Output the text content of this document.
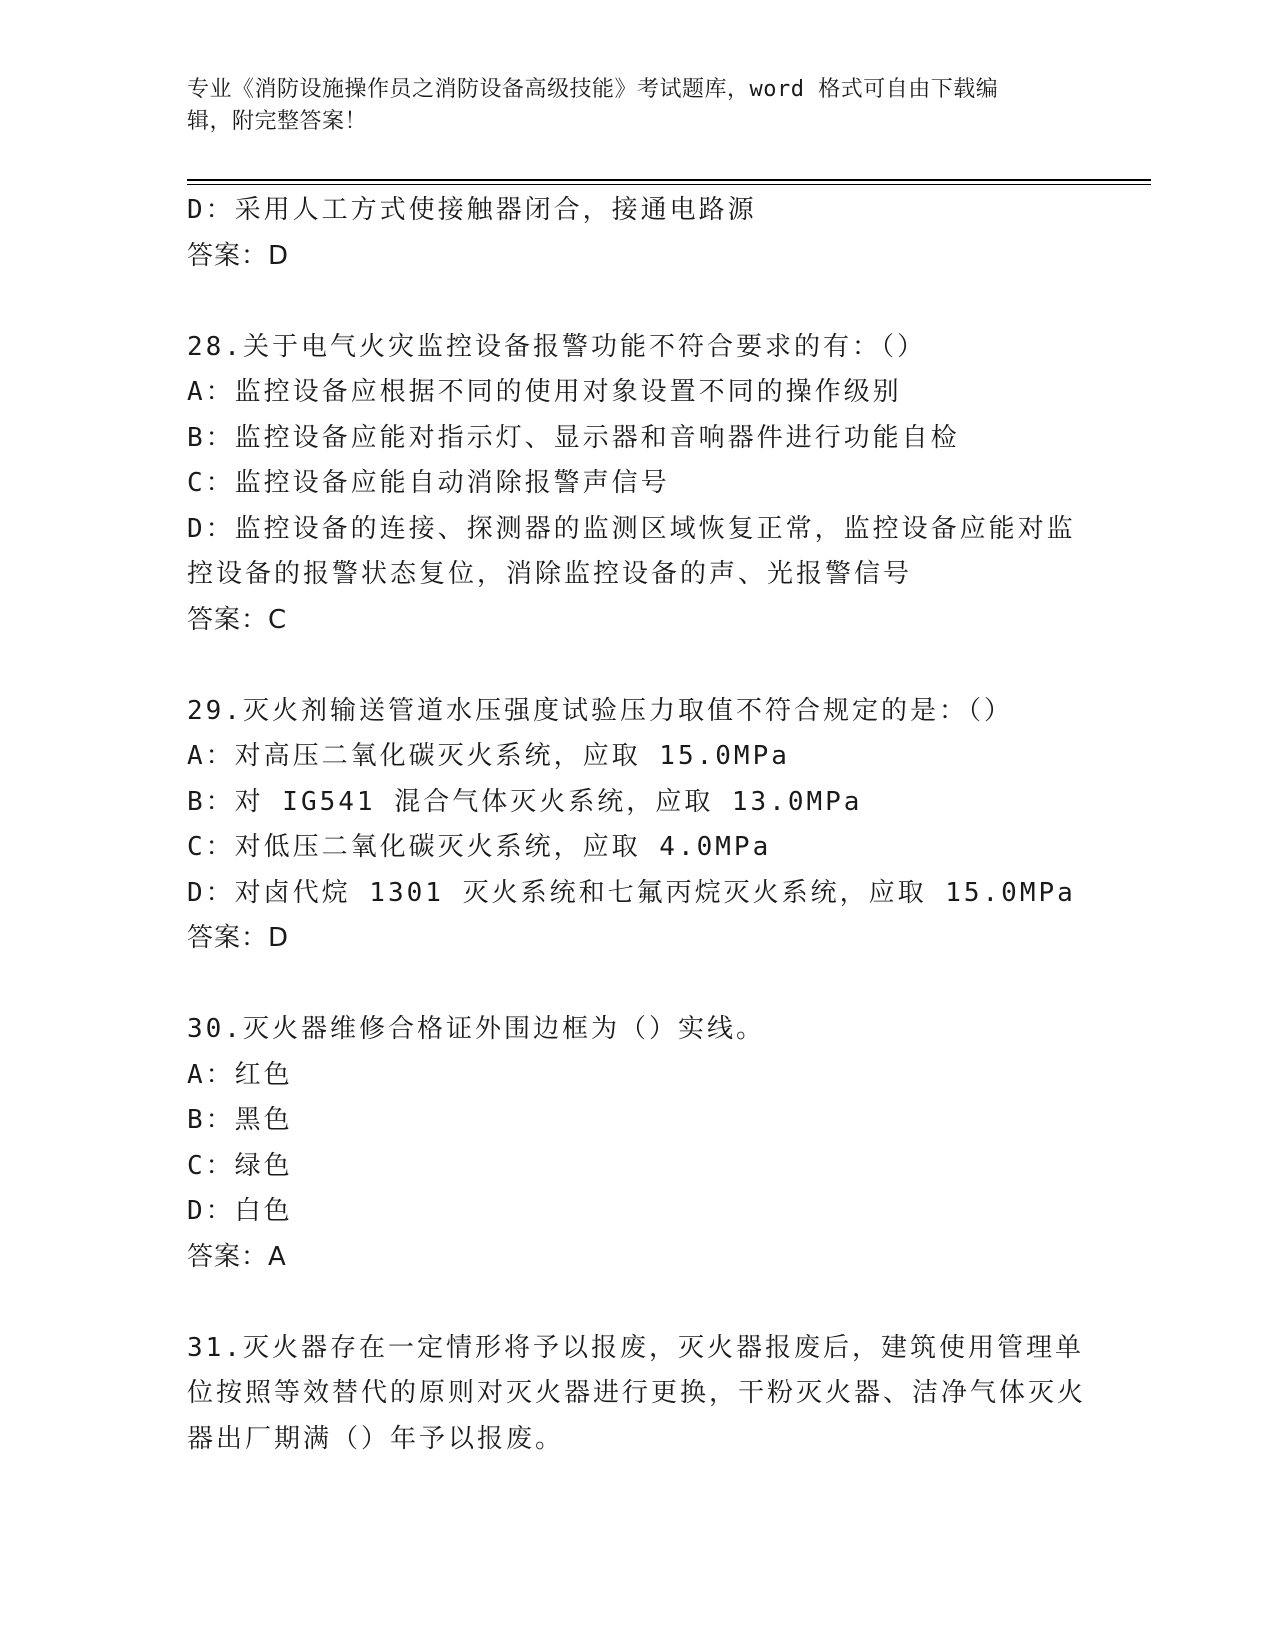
专业《消防设施操作员之消防设备高级技能》考试题库，word 格式可自由下载编
辑，附完整答案！
D：采用人工方式使接触器闭合，接通电路源
答案：D
28.关于电气火灾监控设备报警功能不符合要求的有：（）
A：监控设备应根据不同的使用对象设置不同的操作级别
B：监控设备应能对指示灯、显示器和音响器件进行功能自检
C：监控设备应能自动消除报警声信号
D：监控设备的连接、探测器的监测区域恢复正常，监控设备应能对监控设备的报警状态复位，消除监控设备的声、光报警信号
答案：C
29.灭火剂输送管道水压强度试验压力取值不符合规定的是：（）
A：对高压二氧化碳灭火系统，应取 15.0MPa
B：对 IG541 混合气体灭火系统，应取 13.0MPa
C：对低压二氧化碳灭火系统，应取 4.0MPa
D：对卤代烷 1301 灭火系统和七氟丙烷灭火系统，应取 15.0MPa
答案：D
30.灭火器维修合格证外围边框为（）实线。
A：红色
B：黑色
C：绿色
D：白色
答案：A
31.灭火器存在一定情形将予以报废，灭火器报废后，建筑使用管理单位按照等效替代的原则对灭火器进行更换，干粉灭火器、洁净气体灭火器出厂期满（）年予以报废。
